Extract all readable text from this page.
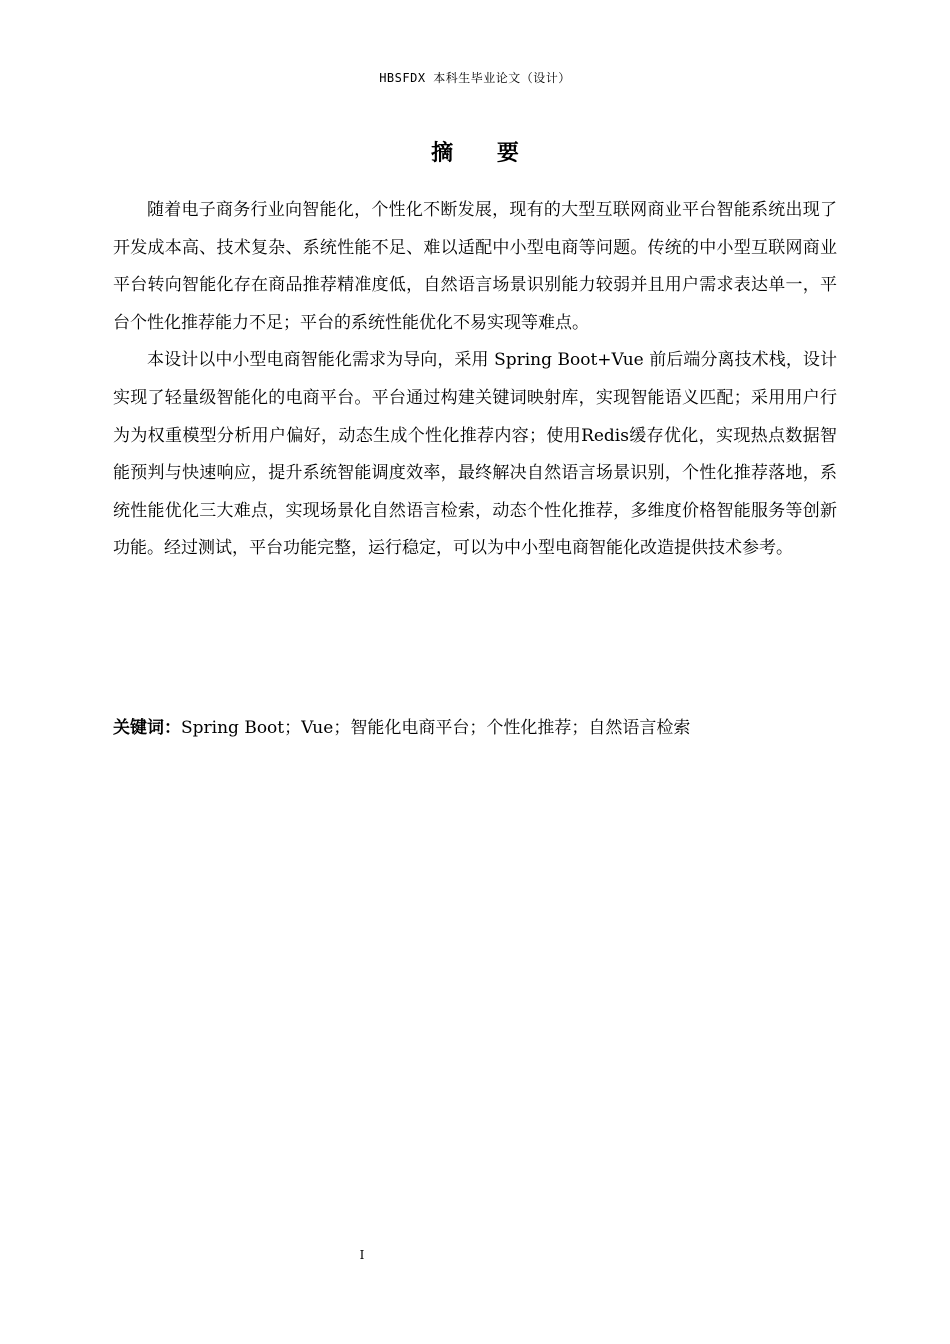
HBSFDX 本科生毕业论文（设计）
摘 要

随着电子商务行业向智能化，个性化不断发展，现有的大型互联网商业平台智能系统出现了开发成本高、技术复杂、系统性能不足、难以适配中小型电商等问题。传统的中小型互联网商业平台转向智能化存在商品推荐精准度低，自然语言场景识别能力较弱并且用户需求表达单一，平台个性化推荐能力不足；平台的系统性能优化不易实现等难点。

本设计以中小型电商智能化需求为导向，采用 Spring Boot+Vue 前后端分离技术栈，设计实现了轻量级智能化的电商平台。平台通过构建关键词映射库，实现智能语义匹配；采用用户行为为权重模型分析用户偏好，动态生成个性化推荐内容；使用Redis缓存优化，实现热点数据智能预判与快速响应，提升系统智能调度效率，最终解决自然语言场景识别，个性化推荐落地，系统性能优化三大难点，实现场景化自然语言检索，动态个性化推荐，多维度价格智能服务等创新功能。经过测试，平台功能完整，运行稳定，可以为中小型电商智能化改造提供技术参考。

关键词：Spring Boot；Vue；智能化电商平台；个性化推荐；自然语言检索
I
